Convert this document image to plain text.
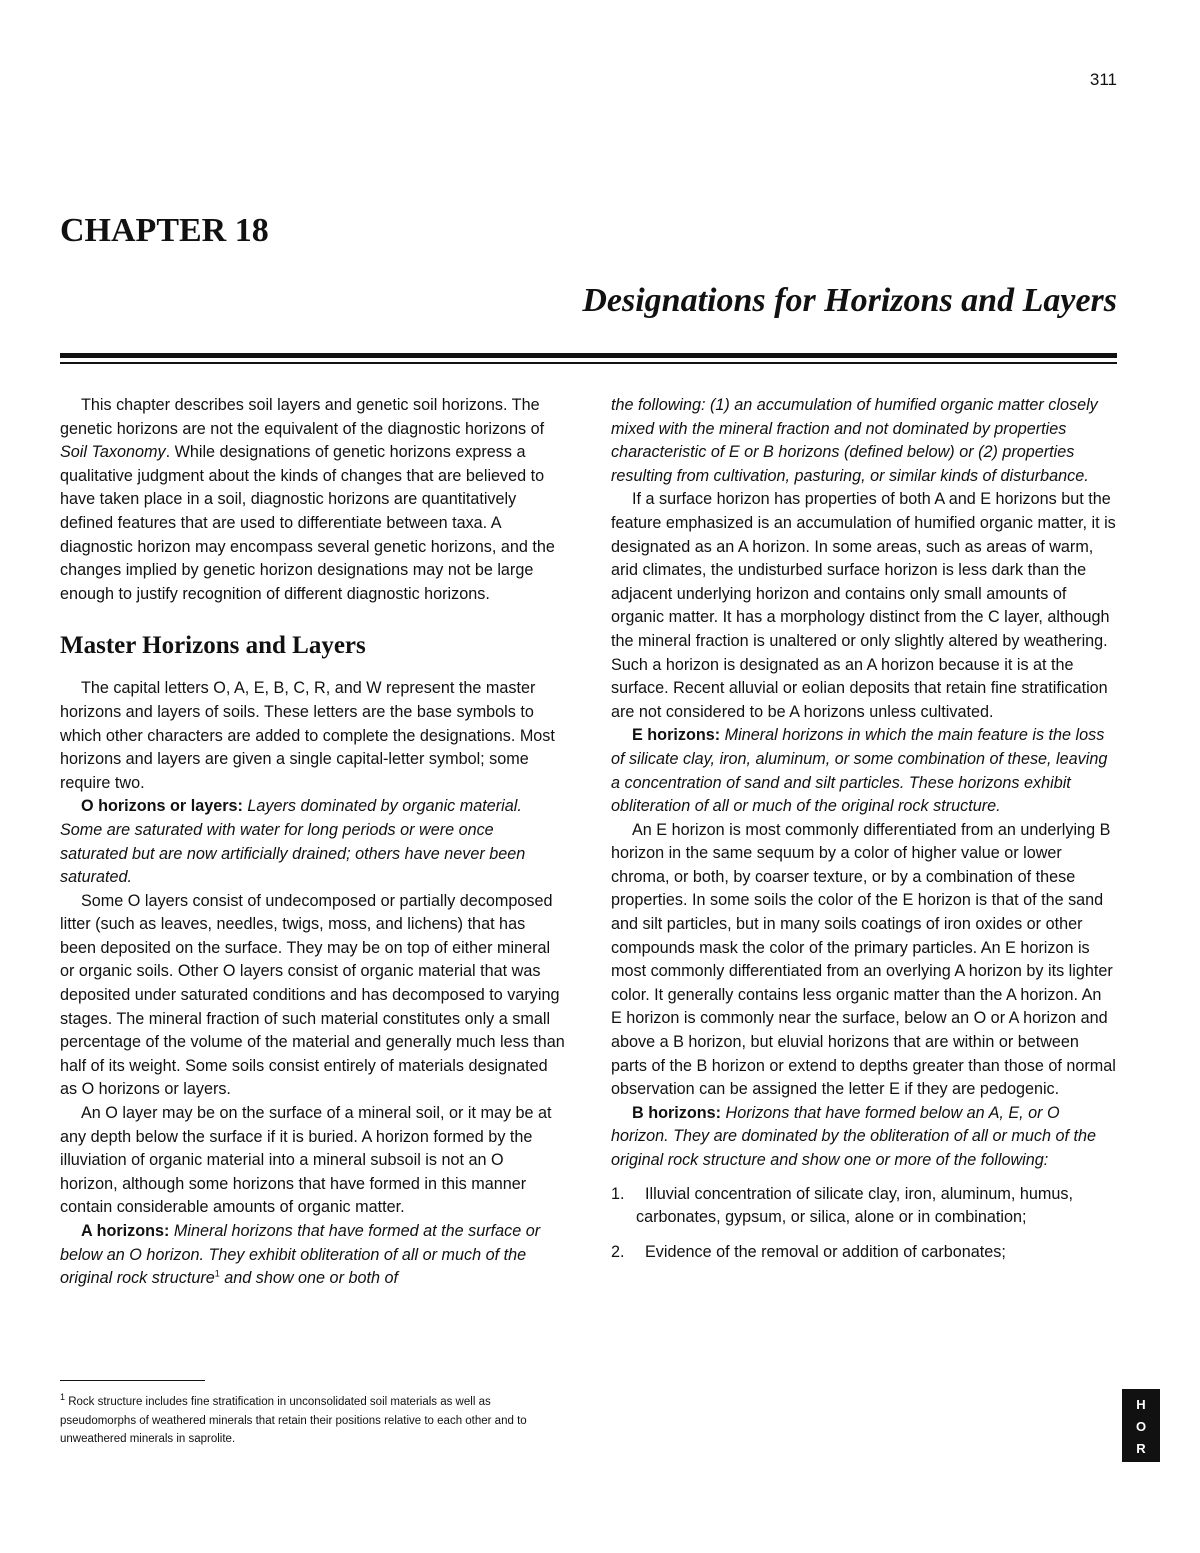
311
CHAPTER 18
Designations for Horizons and Layers

This chapter describes soil layers and genetic soil horizons. The genetic horizons are not the equivalent of the diagnostic horizons of Soil Taxonomy. While designations of genetic horizons express a qualitative judgment about the kinds of changes that are believed to have taken place in a soil, diagnostic horizons are quantitatively defined features that are used to differentiate between taxa. A diagnostic horizon may encompass several genetic horizons, and the changes implied by genetic horizon designations may not be large enough to justify recognition of different diagnostic horizons.

Master Horizons and Layers

The capital letters O, A, E, B, C, R, and W represent the master horizons and layers of soils. These letters are the base symbols to which other characters are added to complete the designations. Most horizons and layers are given a single capital-letter symbol; some require two.

O horizons or layers: Layers dominated by organic material. Some are saturated with water for long periods or were once saturated but are now artificially drained; others have never been saturated.

Some O layers consist of undecomposed or partially decomposed litter (such as leaves, needles, twigs, moss, and lichens) that has been deposited on the surface. They may be on top of either mineral or organic soils. Other O layers consist of organic material that was deposited under saturated conditions and has decomposed to varying stages. The mineral fraction of such material constitutes only a small percentage of the volume of the material and generally much less than half of its weight. Some soils consist entirely of materials designated as O horizons or layers.

An O layer may be on the surface of a mineral soil, or it may be at any depth below the surface if it is buried. A horizon formed by the illuviation of organic material into a mineral subsoil is not an O horizon, although some horizons that have formed in this manner contain considerable amounts of organic matter.

A horizons: Mineral horizons that have formed at the surface or below an O horizon. They exhibit obliteration of all or much of the original rock structure$^1$ and show one or both of

$^1$ Rock structure includes fine stratification in unconsolidated soil materials as well as pseudomorphs of weathered minerals that retain their positions relative to each other and to unweathered minerals in saprolite.

the following: (1) an accumulation of humified organic matter closely mixed with the mineral fraction and not dominated by properties characteristic of E or B horizons (defined below) or (2) properties resulting from cultivation, pasturing, or similar kinds of disturbance.

If a surface horizon has properties of both A and E horizons but the feature emphasized is an accumulation of humified organic matter, it is designated as an A horizon. In some areas, such as areas of warm, arid climates, the undisturbed surface horizon is less dark than the adjacent underlying horizon and contains only small amounts of organic matter. It has a morphology distinct from the C layer, although the mineral fraction is unaltered or only slightly altered by weathering. Such a horizon is designated as an A horizon because it is at the surface. Recent alluvial or eolian deposits that retain fine stratification are not considered to be A horizons unless cultivated.

E horizons: Mineral horizons in which the main feature is the loss of silicate clay, iron, aluminum, or some combination of these, leaving a concentration of sand and silt particles. These horizons exhibit obliteration of all or much of the original rock structure.

An E horizon is most commonly differentiated from an underlying B horizon in the same sequum by a color of higher value or lower chroma, or both, by coarser texture, or by a combination of these properties. In some soils the color of the E horizon is that of the sand and silt particles, but in many soils coatings of iron oxides or other compounds mask the color of the primary particles. An E horizon is most commonly differentiated from an overlying A horizon by its lighter color. It generally contains less organic matter than the A horizon. An E horizon is commonly near the surface, below an O or A horizon and above a B horizon, but eluvial horizons that are within or between parts of the B horizon or extend to depths greater than those of normal observation can be assigned the letter E if they are pedogenic.

B horizons: Horizons that have formed below an A, E, or O horizon. They are dominated by the obliteration of all or much of the original rock structure and show one or more of the following:

1. Illuvial concentration of silicate clay, iron, aluminum, humus, carbonates, gypsum, or silica, alone or in combination;
2. Evidence of the removal or addition of carbonates;
H
O
R
